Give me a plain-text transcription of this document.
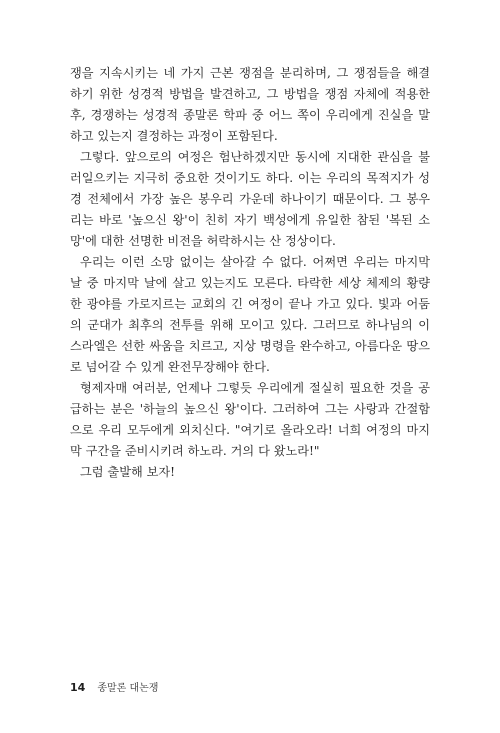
쟁을 지속시키는 네 가지 근본 쟁점을 분리하며, 그 쟁점들을 해결
하기 위한 성경적 방법을 발견하고, 그 방법을 쟁점 자체에 적용한
후, 경쟁하는 성경적 종말론 학파 중 어느 쪽이 우리에게 진실을 말
하고 있는지 결정하는 과정이 포함된다.
그렇다. 앞으로의 여정은 험난하겠지만 동시에 지대한 관심을 불
러일으키는 지극히 중요한 것이기도 하다. 이는 우리의 목적지가 성
경 전체에서 가장 높은 봉우리 가운데 하나이기 때문이다. 그 봉우
리는 바로 '높으신 왕'이 친히 자기 백성에게 유일한 참된 '복된 소
망'에 대한 선명한 비전을 허락하시는 산 정상이다.
우리는 이런 소망 없이는 살아갈 수 없다. 어쩌면 우리는 마지막
날 중 마지막 날에 살고 있는지도 모른다. 타락한 세상 체제의 황량
한 광야를 가로지르는 교회의 긴 여정이 끝나 가고 있다. 빛과 어둠
의 군대가 최후의 전투를 위해 모이고 있다. 그러므로 하나님의 이
스라엘은 선한 싸움을 치르고, 지상 명령을 완수하고, 아름다운 땅으
로 넘어갈 수 있게 완전무장해야 한다.
형제자매 여러분, 언제나 그렇듯 우리에게 절실히 필요한 것을 공
급하는 분은 '하늘의 높으신 왕'이다. 그러하여 그는 사랑과 간절함
으로 우리 모두에게 외치신다. "여기로 올라오라! 너희 여정의 마지
막 구간을 준비시키려 하노라. 거의 다 왔노라!"
그럼 출발해 보자!
14 종말론 대논쟁
